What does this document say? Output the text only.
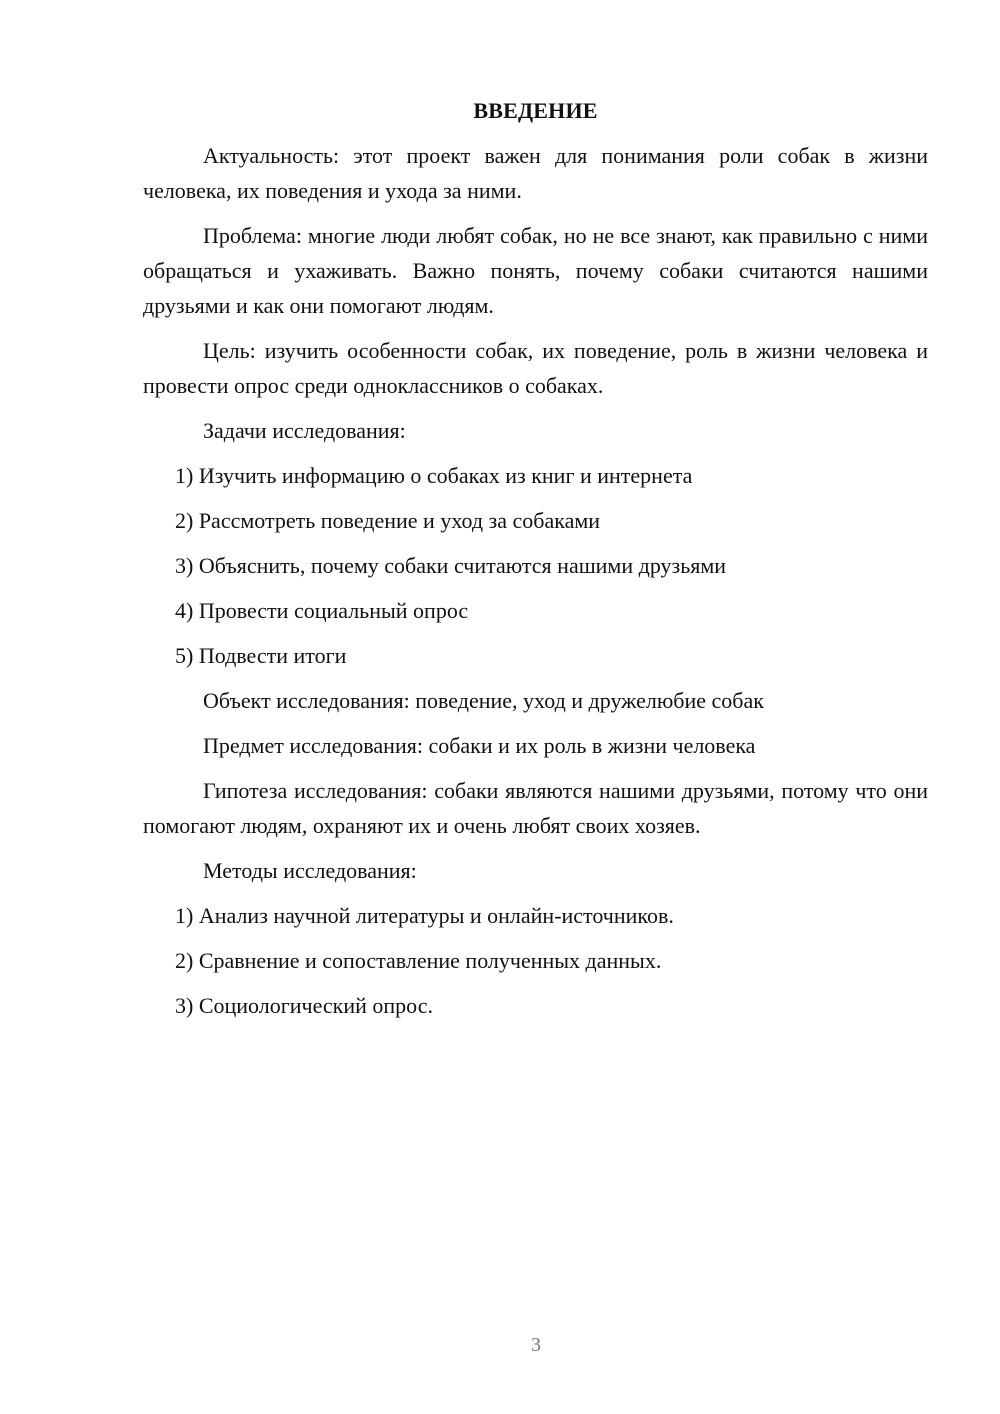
ВВЕДЕНИЕ

Актуальность: этот проект важен для понимания роли собак в жизни человека, их поведения и ухода за ними.

Проблема: многие люди любят собак, но не все знают, как правильно с ними обращаться и ухаживать. Важно понять, почему собаки считаются нашими друзьями и как они помогают людям.

Цель: изучить особенности собак, их поведение, роль в жизни человека и провести опрос среди одноклассников о собаках.

Задачи исследования:

1) Изучить информацию о собаках из книг и интернета
2) Рассмотреть поведение и уход за собаками
3) Объяснить, почему собаки считаются нашими друзьями
4) Провести социальный опрос
5) Подвести итоги

Объект исследования: поведение, уход и дружелюбие собак

Предмет исследования: собаки и их роль в жизни человека

Гипотеза исследования: собаки являются нашими друзьями, потому что они помогают людям, охраняют их и очень любят своих хозяев.

Методы исследования:

1) Анализ научной литературы и онлайн-источников.
2) Сравнение и сопоставление полученных данных.
3) Социологический опрос.
3
